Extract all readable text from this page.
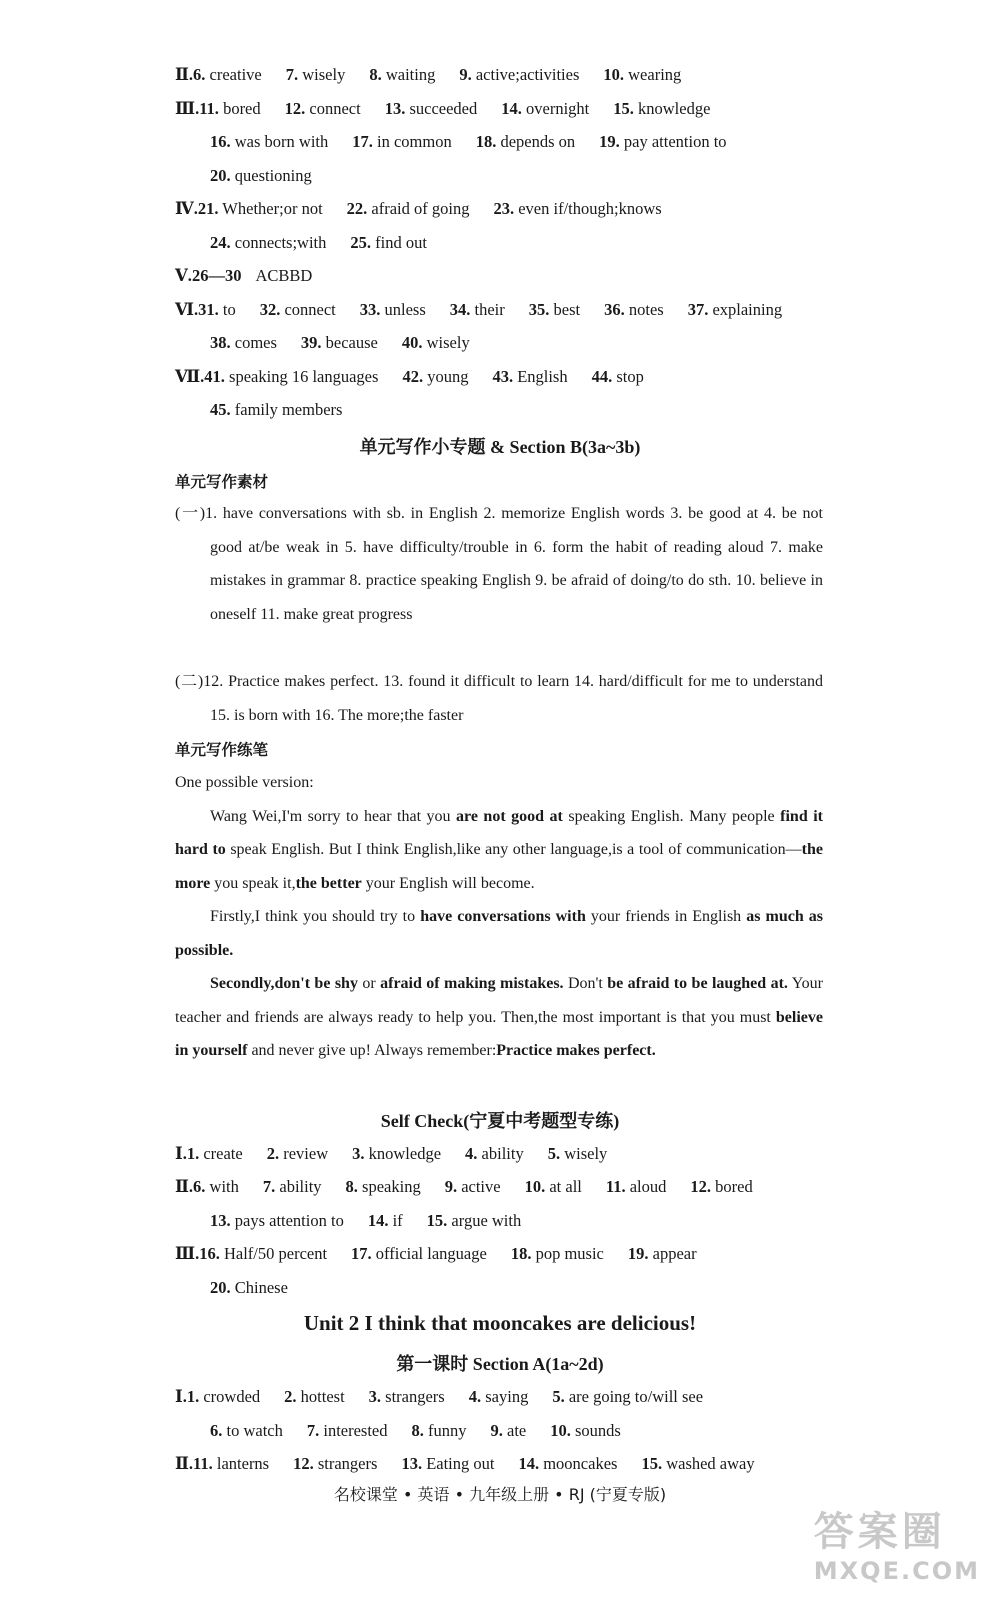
Ⅱ.6. creative 7. wisely 8. waiting 9. active;activities 10. wearing
Ⅲ.11. bored 12. connect 13. succeeded 14. overnight 15. knowledge
16. was born with 17. in common 18. depends on 19. pay attention to
20. questioning
Ⅳ.21. Whether;or not 22. afraid of going 23. even if/though;knows
24. connects;with 25. find out
Ⅴ.26—30 ACBBD
Ⅵ.31. to 32. connect 33. unless 34. their 35. best 36. notes 37. explaining
38. comes 39. because 40. wisely
Ⅶ.41. speaking 16 languages 42. young 43. English 44. stop
45. family members
单元写作小专题 & Section B(3a~3b)
单元写作素材

(一)1. have conversations with sb. in English 2. memorize English words 3. be good at 4. be not good at/be weak in 5. have difficulty/trouble in 6. form the habit of reading aloud 7. make mistakes in grammar 8. practice speaking English 9. be afraid of doing/to do sth. 10. believe in oneself 11. make great progress

(二)12. Practice makes perfect. 13. found it difficult to learn 14. hard/difficult for me to understand 15. is born with 16. The more;the faster

单元写作练笔

One possible version:

Wang Wei,I'm sorry to hear that you are not good at speaking English. Many people find it hard to speak English. But I think English,like any other language,is a tool of communication—the more you speak it,the better your English will become.

Firstly,I think you should try to have conversations with your friends in English as much as possible.

Secondly,don't be shy or afraid of making mistakes. Don't be afraid to be laughed at. Your teacher and friends are always ready to help you. Then,the most important is that you must believe in yourself and never give up! Always remember:Practice makes perfect.

Self Check(宁夏中考题型专练)
Ⅰ.1. create 2. review 3. knowledge 4. ability 5. wisely
Ⅱ.6. with 7. ability 8. speaking 9. active 10. at all 11. aloud 12. bored
13. pays attention to 14. if 15. argue with
Ⅲ.16. Half/50 percent 17. official language 18. pop music 19. appear
20. Chinese
Unit 2 I think that mooncakes are delicious!
第一课时 Section A(1a~2d)
Ⅰ.1. crowded 2. hottest 3. strangers 4. saying 5. are going to/will see
6. to watch 7. interested 8. funny 9. ate 10. sounds
Ⅱ.11. lanterns 12. strangers 13. Eating out 14. mooncakes 15. washed away
名校课堂 • 英语 • 九年级上册 • RJ (宁夏专版)
答案圈
MXQE.COM
